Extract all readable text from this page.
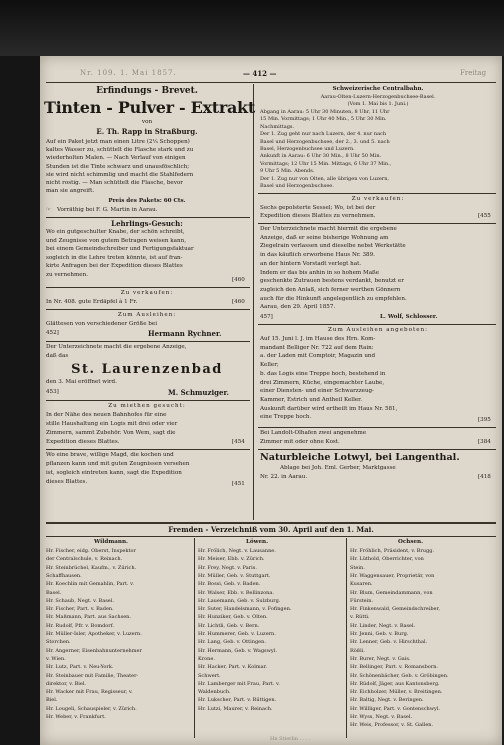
Nr. 109. 1. Mai 1857.	— 412 —	Freitag
Erfindungs - Brevet.
Tinten - Pulver - Extrakt
von
E. Th. Rapp in Straßburg.
Auf ein Paket jetzt man einen Litre (2¹⁄₃ Schoppen)
kaltes Wasser zu, schüttelt die Flasche stark und zu
wiederholten Malen. — Nach Verlauf von einigen
Stunden ist die Tinte schwarz und unausföschlich;
sie wird nicht schimmlig und macht die Stahlfedern
nicht rostig. — Man schüttelt die Flasche, bevor
man sie angreift.
Preis des Pakets: 60 Cts.
☞ Vorräthig bei F. G. Martin in Aarau.
Lehrlings-Gesuch:
Wo ein gutgeschulter Knabe, der schön schreibt,
und Zeugnisse von gutem Betragen weisen kann,
bei einem Gemeindschreiber und Fertigungsfaktuar
sogleich in die Lehre treten könnte, ist auf fran-
kirte Anfragen bei der Expedition dieses Blattes
zu vernehmen.
[460
Zu verkaufen:
In Nr. 408. gute Erdäpfel à 1 Fr.	[460
Zum Ausleihen:
Glättesen von verschiedener Größe bei
452]	Hermann Rychner.
Der Unterzeichnete macht die ergebene Anzeige,
daß das
St. Laurenzenbad
den 3. Mai eröffnet wird.
453]	M. Schmuziger.
Zu miethen gesucht:
In der Nähe des neuen Bahnhofes für eine
stille Haushaltung ein Logis mit drei oder vier
Zimmern, sammt Zubehör. Von Wem, sagt die
Expedition dieses Blattes.	[454
Wo eine brave, willige Magd, die kochen und
pflanzen kann und mit guten Zeugnissen versehen
ist, sogleich eintreten kann, sagt die Expedition
dieses Blattes.	[451
Schweizerische Centralbahn.
Aarau-Olten-Luzern-Herzogenbuchsee-Basel.
(Vom 1. Mai bis 1. Juni.)
Abgang in Aarau: 5 Uhr 30 Minuten, 8 Uhr, 11 Uhr
15 Min. Vormittags; 1 Uhr 40 Min., 5 Uhr 30 Min.
Nachmittags.
Der 1. Zug geht nur nach Luzern, der 4. nur nach
Basel und Herzogenbuchsee, der 2., 3. und 5. nach
Basel, Herzogenbuchsee und Luzern.
Ankunft in Aarau: 6 Uhr 30 Min., 8 Uhr 50 Min.
Vormittags; 12 Uhr 15 Min. Mittags, 6 Uhr 37 Min.,
9 Uhr 5 Min. Abends.
Der 1. Zug nur von Olten, alle übrigen von Luzern,
Basel und Herzogenbuchsee.
Zu verkaufen:
Sechs gepolsterte Sessel; Wo, ist bei der
Expedition dieses Blattes zu vernehmen.	[455
Der Unterzeichnete macht hiermit die ergebene
Anzeige, daß er seine bisherige Wohnung am
Ziegelrain verlassen und dieselbe nebst Werkstätte
in das käuflich erworbene Haus Nr. 389.
an der hintern Vorstadt verlegt hat.
Indem er das bis anhin in so hohem Maße
geschenkte Zutrauen bestens verdankt, benutzt er
zugleich den Anlaß, sich ferner werthen Gönnern
auch für die Hinkunft angelegentlich zu empfehlen.
Aarau, den 29. April 1857.
457]	L. Wolf, Schlosser.
Zum Ausleihen angeboten:
Auf 15. Juni l. J. im Hause des Hrn. Kom-
mandant Belliger Nr. 722 auf dem Rain:
a. der Laden mit Comptoir, Magazin und
Keller;
b. das Logis eine Treppe hoch, bestehend in
drei Zimmern, Küche, eingemachter Laube,
einer Diensten- und einer Schwarzzeug-
Kammer, Estrich und Antheil Keller.
Auskunft darüber wird ertheilt im Haus Nr. 581,
eine Treppe hoch.	[395
Bei Landolt-Olhafen zwei angenehme
Zimmer mit oder ohne Kost.	[384
Naturbleiche Lotwyl, bei Langenthal.
Ablage bei Joh. Eml. Gerber, Marktgasse
Nr. 22. in Aarau.	[418
Fremden - Verzeichniß vom 30. April auf den 1. Mai.
Wildmann.
Hr. Fischer, eidg. Oberst, Inspektor
der Centralschule, v. Reinach.
Hr. Steinbrüchel, Kaufm., v. Zürich.
Schaffhausen.
Hr. Koechlin mit Gemahlin, Part. v.
Basel.
Hr. Schaub, Negt. v. Basel.
Hr. Fischer, Part. v. Baden.
Hr. Maßmann, Part. aus Sachsen.
Hr. Rudolf, Pfr. v. Bomdorf.
Hr. Müller-Isler, Apotheker, v. Luzern.
Storchen.
Hr. Angerner, Eisenbahnunternehmer
v. Wien.
Hr. Lutz, Part. v. Neu-York.
Hr. Steinbauer mit Familie, Theater-
direktor, v. Biel.
Hr. Wacker mit Frau, Regisseur, v.
Biel.
Hr. Lougeli, Schauspieler, v. Zürich.
Hr. Weber, v. Frankfurt.
Löwen.
Hr. Frölich, Negt. v. Lausanne.
Hr. Meiser, Ebb. v. Zürich.
Hr. Frey, Negt. v. Paris.
Hr. Müller, Geb. v. Stuttgart.
Hr. Bossi, Geb. v. Baden.
Hr. Walser, Ebb. v. Bellinzona.
Hr. Lauemann, Geb. v. Sulzburg.
Hr. Suter, Handelsmann, v. Fofingen.
Hr. Hunziker, Geb. v. Olten.
Hr. Lichtli, Geb. v. Bern.
Hr. Hummerer, Geb. v. Luzern.
Hr. Lang, Geb. v. Ottingen.
Hr. Hermann, Geb. v. Wagswyl.
Krone.
Hr. Hacker, Part. v. Kolmar.
Schwert.
Hr. Lamberger mit Frau, Part. v.
Waldenbuch.
Hr. Lukscher, Part. v. Rüttigen.
Hr. Lutzi, Maurer, v. Reinach.
Ochsen.
Hr. Fröhlich, Präsident, v. Brugg.
Hr. Lüthold, Oberrichter, von
Stein.
Hr. Waggensauer, Proprietär, von
Kusaren.
Hr. Blum, Gemeindammann, von
Fürstein.
Hr. Finkenwald, Gemeindschreiber,
v. Rütti.
Hr. Linder, Negt. v. Basel.
Hr. Jenni, Geb. v. Burg.
Hr. Lenner, Geb. v. Hirschthal.
Rößli.
Hr. Burer, Negt. v. Gais.
Hr. Bellinger, Part. v. Romansborn.
Hr. Schönenbächer, Geb. v. Gröbingen.
Hr. Rüdolf, Jäger, aus Kantonsberg.
Hr. Eichholzer, Müller, v. Breitingen.
Hr. Baltig, Negt. v. Beringen.
Hr. Willliger, Part. v. Gontenschwyl.
Hr. Wyss, Negt. v. Basel.
Hr. Weis, Professor, v. St. Gallen.
Hn Stierlin . . . .
